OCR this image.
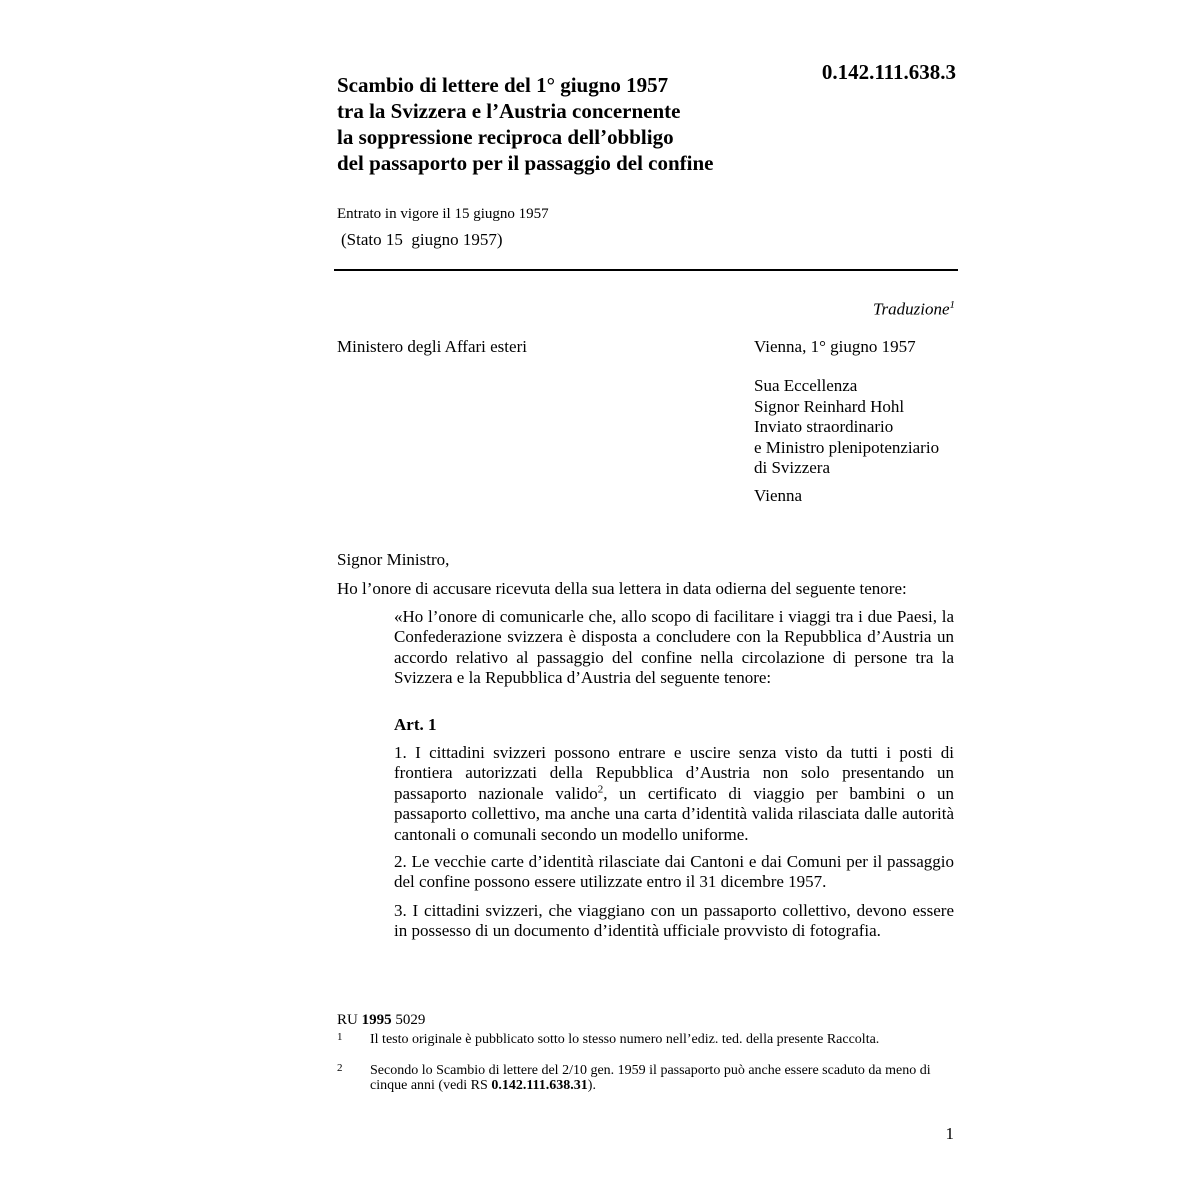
0.142.111.638.3
Scambio di lettere del 1° giugno 1957
tra la Svizzera e l’Austria concernente
la soppressione reciproca dell’obbligo
del passaporto per il passaggio del confine
Entrato in vigore il 15 giugno 1957
(Stato 15  giugno 1957)
Traduzione$^1$
Ministero degli Affari esteri	Vienna, 1° giugno 1957
Sua Eccellenza
Signor Reinhard Hohl
Inviato straordinario
e Ministro plenipotenziario
di Svizzera
Vienna
Signor Ministro,
Ho l’onore di accusare ricevuta della sua lettera in data odierna del seguente tenore:
«Ho l’onore di comunicarle che, allo scopo di facilitare i viaggi tra i due Paesi, la Confederazione svizzera è disposta a concludere con la Repubblica d’Austria un accordo relativo al passaggio del confine nella circolazione di persone tra la Svizzera e la Repubblica d’Austria del seguente tenore:
Art. 1
1. I cittadini svizzeri possono entrare e uscire senza visto da tutti i posti di frontiera autorizzati della Repubblica d’Austria non solo presentando un passaporto nazionale valido$^2$, un certificato di viaggio per bambini o un passaporto collettivo, ma anche una carta d’identità valida rilasciata dalle autorità cantonali o comunali secondo un modello uniforme.
2. Le vecchie carte d’identità rilasciate dai Cantoni e dai Comuni per il passaggio del confine possono essere utilizzate entro il 31 dicembre 1957.
3. I cittadini svizzeri, che viaggiano con un passaporto collettivo, devono essere in possesso di un documento d’identità ufficiale provvisto di fotografia.
RU 1995 5029
1 Il testo originale è pubblicato sotto lo stesso numero nell’ediz. ted. della presente Raccolta.
2 Secondo lo Scambio di lettere del 2/10 gen. 1959 il passaporto può anche essere scaduto da meno di cinque anni (vedi RS 0.142.111.638.31).
1
